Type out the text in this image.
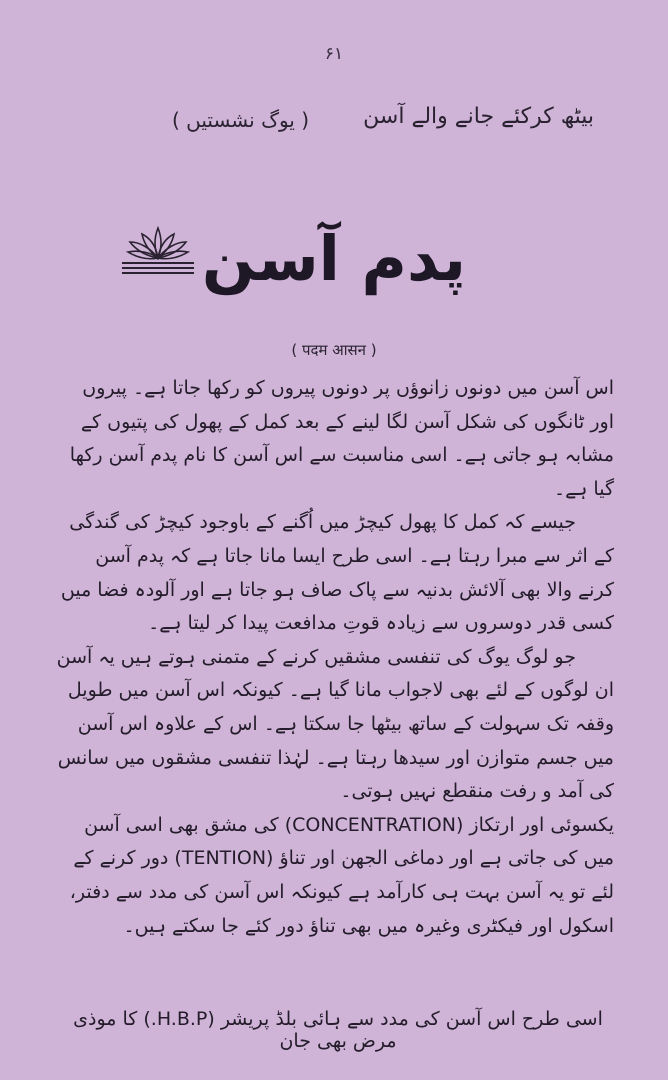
۶۱
بیٹھ کرکئے جانے والے آسن
( یوگ نشستیں )
پدم آسن
( पदम आसन )

اس آسن میں دونوں زانوؤں پر دونوں پیروں کو رکھا جاتا ہے۔ پیروں اور ٹانگوں کی شکل آسن لگا لینے کے بعد کمل کے پھول کی پتیوں کے مشابہ ہو جاتی ہے۔ اسی مناسبت سے اس آسن کا نام پدم آسن رکھا گیا ہے۔

جیسے کہ کمل کا پھول کیچڑ میں اُگنے کے باوجود کیچڑ کی گندگی کے اثر سے مبرا رہتا ہے۔ اسی طرح ایسا مانا جاتا ہے کہ پدم آسن کرنے والا بھی آلائش بدنیہ سے پاک صاف ہو جاتا ہے اور آلودہ فضا میں کسی قدر دوسروں سے زیادہ قوتِ مدافعت پیدا کر لیتا ہے۔

جو لوگ یوگ کی تنفسی مشقیں کرنے کے متمنی ہوتے ہیں یہ آسن ان لوگوں کے لئے بھی لاجواب مانا گیا ہے۔ کیونکہ اس آسن میں طویل وقفہ تک سہولت کے ساتھ بیٹھا جا سکتا ہے۔ اس کے علاوہ اس آسن میں جسم متوازن اور سیدھا رہتا ہے۔ لہٰذا تنفسی مشقوں میں سانس کی آمد و رفت منقطع نہیں ہوتی۔

یکسوئی اور ارتکاز (CONCENTRATION) کی مشق بھی اسی آسن میں کی جاتی ہے اور دماغی الجھن اور تناؤ (TENTION) دور کرنے کے لئے تو یہ آسن بہت ہی کارآمد ہے کیونکہ اس آسن کی مدد سے دفتر، اسکول اور فیکٹری وغیرہ میں بھی تناؤ دور کئے جا سکتے ہیں۔

اسی طرح اس آسن کی مدد سے ہائی بلڈ پریشر (H.B.P.) کا موذی مرض بھی جان
